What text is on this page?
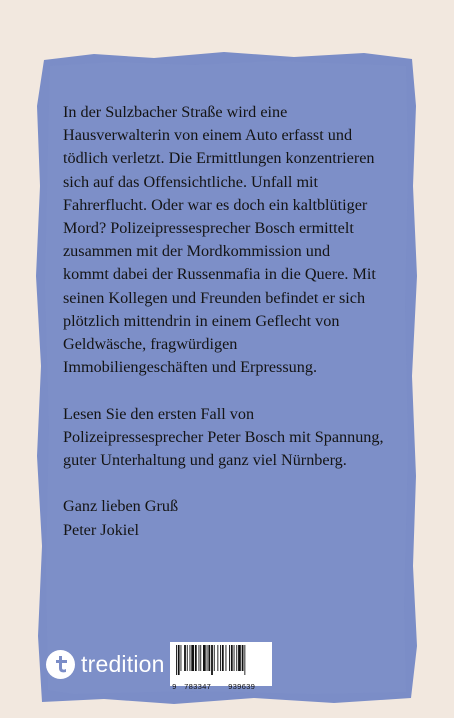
In der Sulzbacher Straße wird eine
Hausverwalterin von einem Auto erfasst und
tödlich verletzt. Die Ermittlungen konzentrieren
sich auf das Offensichtliche. Unfall mit
Fahrerflucht. Oder war es doch ein kaltblütiger
Mord? Polizeipressesprecher Bosch ermittelt
zusammen mit der Mordkommission und
kommt dabei der Russenmafia in die Quere. Mit
seinen Kollegen und Freunden befindet er sich
plötzlich mittendrin in einem Geflecht von
Geldwäsche, fragwürdigen
Immobiliengeschäften und Erpressung.

Lesen Sie den ersten Fall von
Polizeipressesprecher Peter Bosch mit Spannung,
guter Unterhaltung und ganz viel Nürnberg.

Ganz lieben Gruß
Peter Jokiel
tredition
9 783347 939639
